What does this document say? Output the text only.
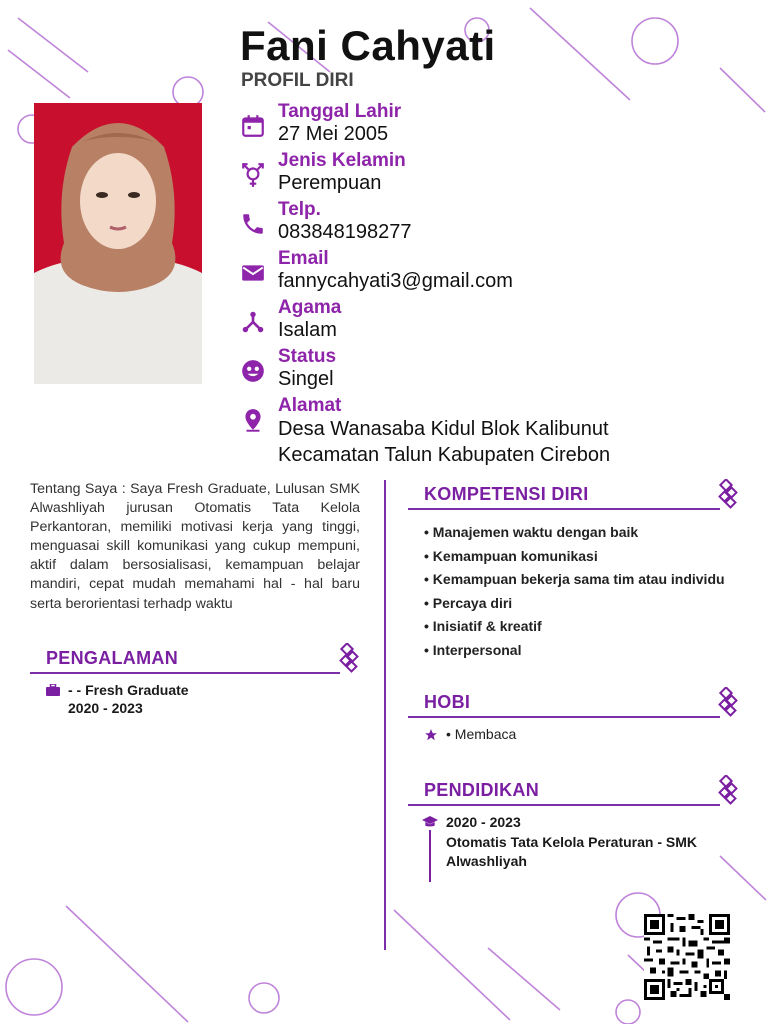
Fani Cahyati
PROFIL DIRI
Tanggal Lahir
27 Mei 2005
Jenis Kelamin
Perempuan
Telp.
083848198277
Email
fannycahyati3@gmail.com
Agama
Isalam
Status
Singel
Alamat
Desa Wanasaba Kidul Blok Kalibunut
Kecamatan Talun Kabupaten Cirebon
Tentang Saya : Saya Fresh Graduate, Lulusan SMK Alwashliyah jurusan Otomatis Tata Kelola Perkantoran, memiliki motivasi kerja yang tinggi, menguasai skill komunikasi yang cukup mempuni, aktif dalam bersosialisasi, kemampuan belajar mandiri, cepat mudah memahami hal - hal baru serta berorientasi terhadp waktu
PENGALAMAN
- - Fresh Graduate
2020 - 2023
KOMPETENSI DIRI
• Manajemen waktu dengan baik
• Kemampuan komunikasi
• Kemampuan bekerja sama tim atau individu
• Percaya diri
• Inisiatif & kreatif
• Interpersonal
HOBI
• Membaca
PENDIDIKAN
2020 - 2023
Otomatis Tata Kelola Peraturan - SMK Alwashliyah
